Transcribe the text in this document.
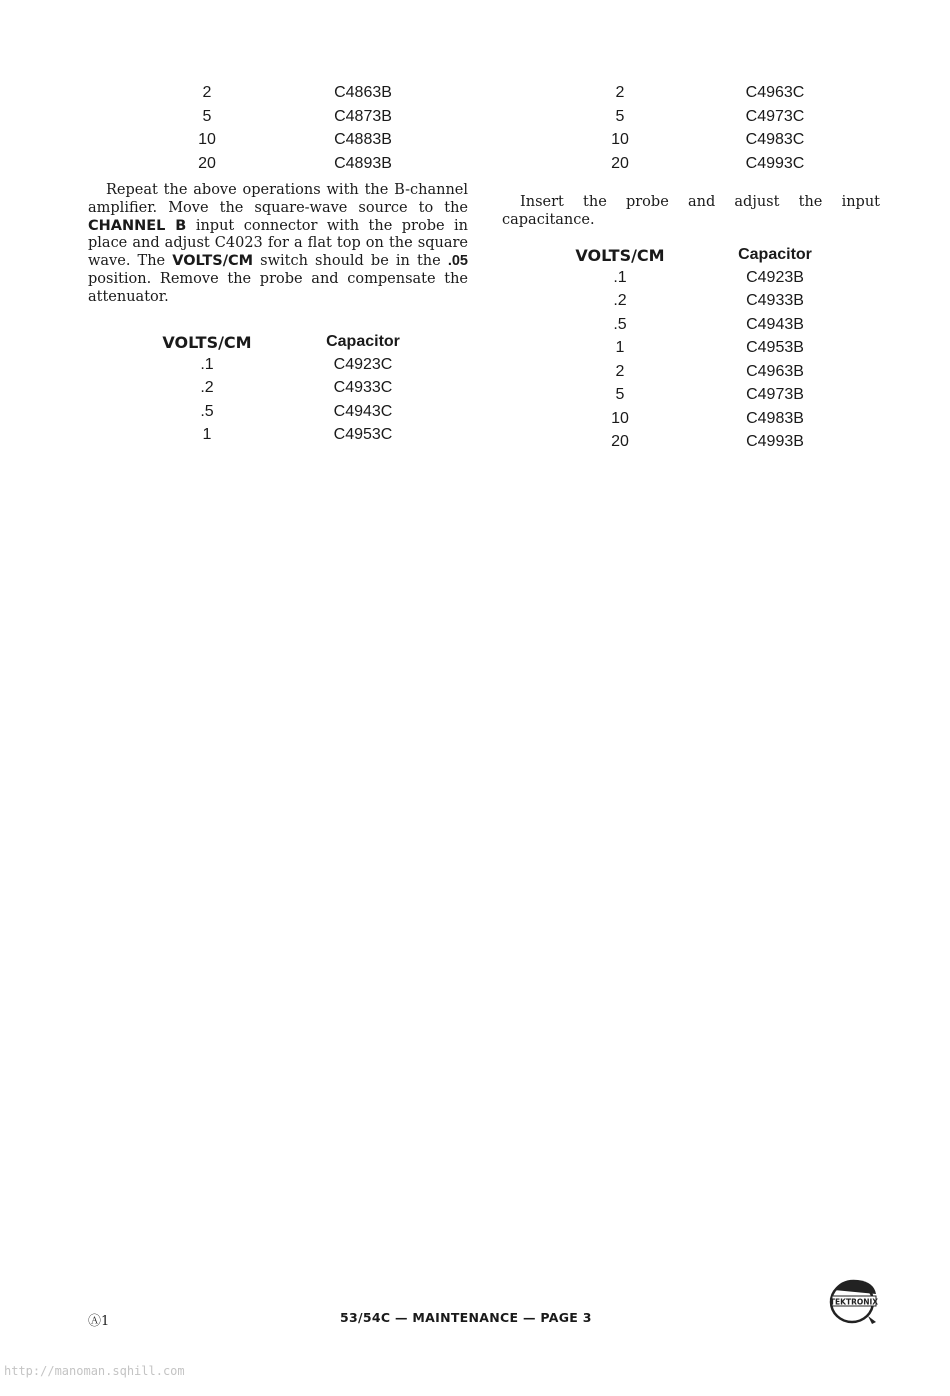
2	C4863B
5	C4873B
10	C4883B
20	C4893B

Repeat the above operations with the B-channel amplifier. Move the square-wave source to the CHANNEL B input connector with the probe in place and adjust C4023 for a flat top on the square wave. The VOLTS/CM switch should be in the .05 position. Remove the probe and compensate the attenuator.

VOLTS/CM	Capacitor
.1	C4923C
.2	C4933C
.5	C4943C
1	C4953C
2	C4963C
5	C4973C
10	C4983C
20	C4993C

Insert the probe and adjust the input capacitance.

VOLTS/CM	Capacitor
.1	C4923B
.2	C4933B
.5	C4943B
1	C4953B
2	C4963B
5	C4973B
10	C4983B
20	C4993B
Ⓐ1	53/54C — MAINTENANCE — PAGE 3
TEKTRONIX
http://manoman.sqhill.com
